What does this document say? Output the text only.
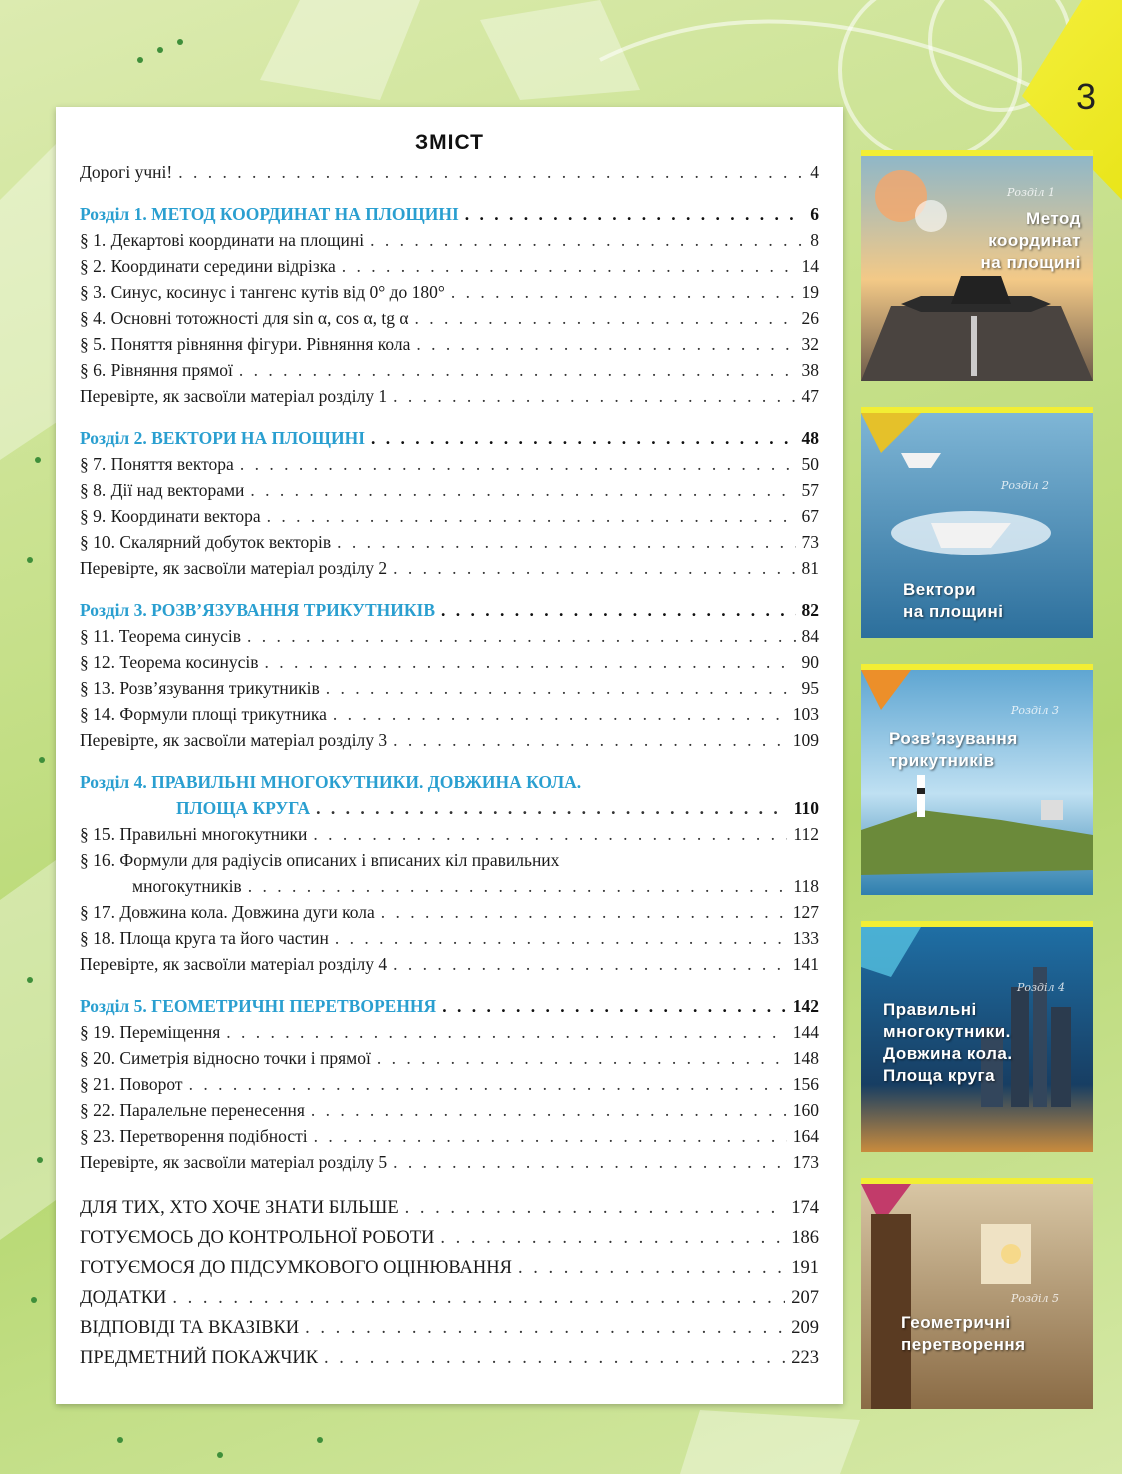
3
ЗМІСТ
Дорогі учні! . . .	4
Розділ 1. МЕТОД КООРДИНАТ НА ПЛОЩИНІ . . .	6
§ 1. Декартові координати на площині . . .	8
§ 2. Координати середини відрізка . . .	14
§ 3. Синус, косинус і тангенс кутів від 0° до 180° . . .	19
§ 4. Основні тотожності для sin α, cos α, tg α . . .	26
§ 5. Поняття рівняння фігури. Рівняння кола . . .	32
§ 6. Рівняння прямої . . .	38
Перевірте, як засвоїли матеріал розділу 1 . . .	47
Розділ 2. ВЕКТОРИ НА ПЛОЩИНІ . . .	48
§ 7. Поняття вектора . . .	50
§ 8. Дії над векторами . . .	57
§ 9. Координати вектора . . .	67
§ 10. Скалярний добуток векторів . . .	73
Перевірте, як засвоїли матеріал розділу 2 . . .	81
Розділ 3. РОЗВ’ЯЗУВАННЯ ТРИКУТНИКІВ . . .	82
§ 11. Теорема синусів . . .	84
§ 12. Теорема косинусів . . .	90
§ 13. Розв’язування трикутників . . .	95
§ 14. Формули площі трикутника . . .	103
Перевірте, як засвоїли матеріал розділу 3 . . .	109
Розділ 4. ПРАВИЛЬНІ МНОГОКУТНИКИ. ДОВЖИНА КОЛА.
ПЛОЩА КРУГА . . .	110
§ 15. Правильні многокутники . . .	112
§ 16. Формули для радіусів описаних і вписаних кіл правильних
многокутників . . .	118
§ 17. Довжина кола. Довжина дуги кола . . .	127
§ 18. Площа круга та його частин . . .	133
Перевірте, як засвоїли матеріал розділу 4 . . .	141
Розділ 5. ГЕОМЕТРИЧНІ ПЕРЕТВОРЕННЯ . . .	142
§ 19. Переміщення . . .	144
§ 20. Симетрія відносно точки і прямої . . .	148
§ 21. Поворот . . .	156
§ 22. Паралельне перенесення . . .	160
§ 23. Перетворення подібності . . .	164
Перевірте, як засвоїли матеріал розділу 5 . . .	173
ДЛЯ ТИХ, ХТО ХОЧЕ ЗНАТИ БІЛЬШЕ . . .	174
ГОТУЄМОСЬ ДО КОНТРОЛЬНОЇ РОБОТИ . . .	186
ГОТУЄМОСЯ ДО ПІДСУМКОВОГО ОЦІНЮВАННЯ . . .	191
ДОДАТКИ . . .	207
ВІДПОВІДІ ТА ВКАЗІВКИ . . .	209
ПРЕДМЕТНИЙ ПОКАЖЧИК . . .	223
Розділ 1
Метод
координат
на площині
Розділ 2
Вектори
на площині
Розділ 3
Розв’язування
трикутників
Розділ 4
Правильні
многокутники.
Довжина кола.
Площа круга
Розділ 5
Геометричні
перетворення
